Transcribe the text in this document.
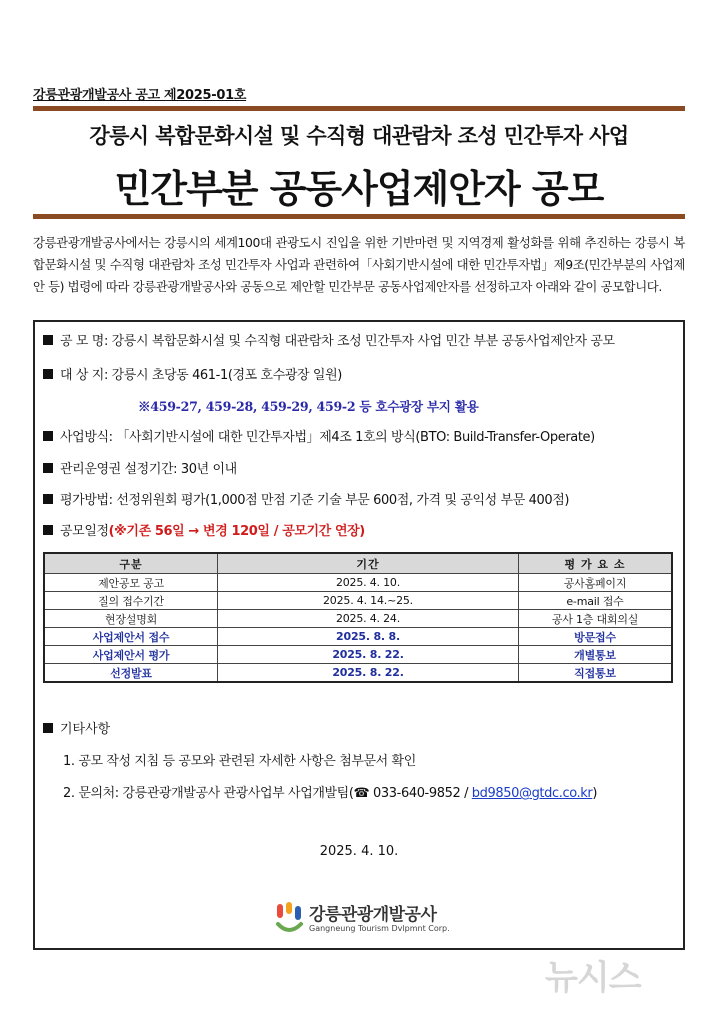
강릉관광개발공사 공고 제2025-01호
강릉시 복합문화시설 및 수직형 대관람차 조성 민간투자 사업
민간부분 공동사업제안자 공모

강릉관광개발공사에서는 강릉시의 세계100대 관광도시 진입을 위한 기반마련 및 지역경제 활성화를 위해 추진하는 강릉시 복합문화시설 및 수직형 대관람차 조성 민간투자 사업과 관련하여「사회기반시설에 대한 민간투자법」제9조(민간부분의 사업제안 등) 법령에 따라 강릉관광개발공사와 공동으로 제안할 민간부문 공동사업제안자를 선정하고자 아래와 같이 공모합니다.

공 모 명: 강릉시 복합문화시설 및 수직형 대관람차 조성 민간투자 사업 민간 부분 공동사업제안자 공모
대 상 지: 강릉시 초당동 461-1(경포 호수광장 일원)
※459-27, 459-28, 459-29, 459-2 등 호수광장 부지 활용
사업방식: 「사회기반시설에 대한 민간투자법」제4조 1호의 방식(BTO: Build-Transfer-Operate)
관리운영권 설정기간: 30년 이내
평가방법: 선정위원회 평가(1,000점 만점 기준 기술 부문 600점, 가격 및 공익성 부문 400점)
공모일정(※기존 56일 → 변경 120일 / 공모기간 연장)
구분	기간	평 가 요 소
제안공모 공고	2025. 4. 10.	공사홈페이지
질의 접수기간	2025. 4. 14.~25.	e-mail 접수
현장설명회	2025. 4. 24.	공사 1층 대회의실
사업제안서 접수	2025. 8. 8.	방문접수
사업제안서 평가	2025. 8. 22.	개별통보
선정발표	2025. 8. 22.	직접통보
기타사항
1. 공모 작성 지침 등 공모와 관련된 자세한 사항은 첨부문서 확인
2. 문의처: 강릉관광개발공사 관광사업부 사업개발팀(☎ 033-640-9852 / bd9850@gtdc.co.kr)
2025. 4. 10.
강릉관광개발공사
Gangneung Tourism Dvlpmnt Corp.
뉴시스
